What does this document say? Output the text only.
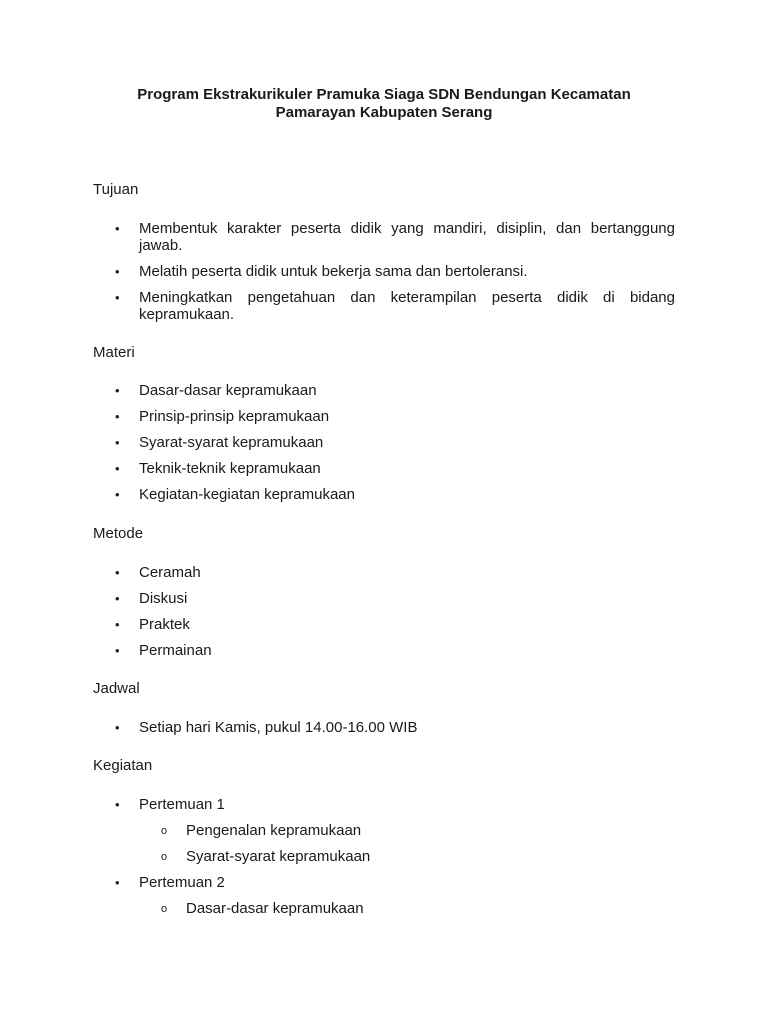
Program Ekstrakurikuler Pramuka Siaga SDN Bendungan Kecamatan
Pamarayan Kabupaten Serang
Tujuan
• Membentuk karakter peserta didik yang mandiri, disiplin, dan bertanggung jawab.
• Melatih peserta didik untuk bekerja sama dan bertoleransi.
• Meningkatkan pengetahuan dan keterampilan peserta didik di bidang kepramukaan.
Materi
• Dasar-dasar kepramukaan
• Prinsip-prinsip kepramukaan
• Syarat-syarat kepramukaan
• Teknik-teknik kepramukaan
• Kegiatan-kegiatan kepramukaan
Metode
• Ceramah
• Diskusi
• Praktek
• Permainan
Jadwal
• Setiap hari Kamis, pukul 14.00-16.00 WIB
Kegiatan
• Pertemuan 1
o Pengenalan kepramukaan
o Syarat-syarat kepramukaan
• Pertemuan 2
o Dasar-dasar kepramukaan
